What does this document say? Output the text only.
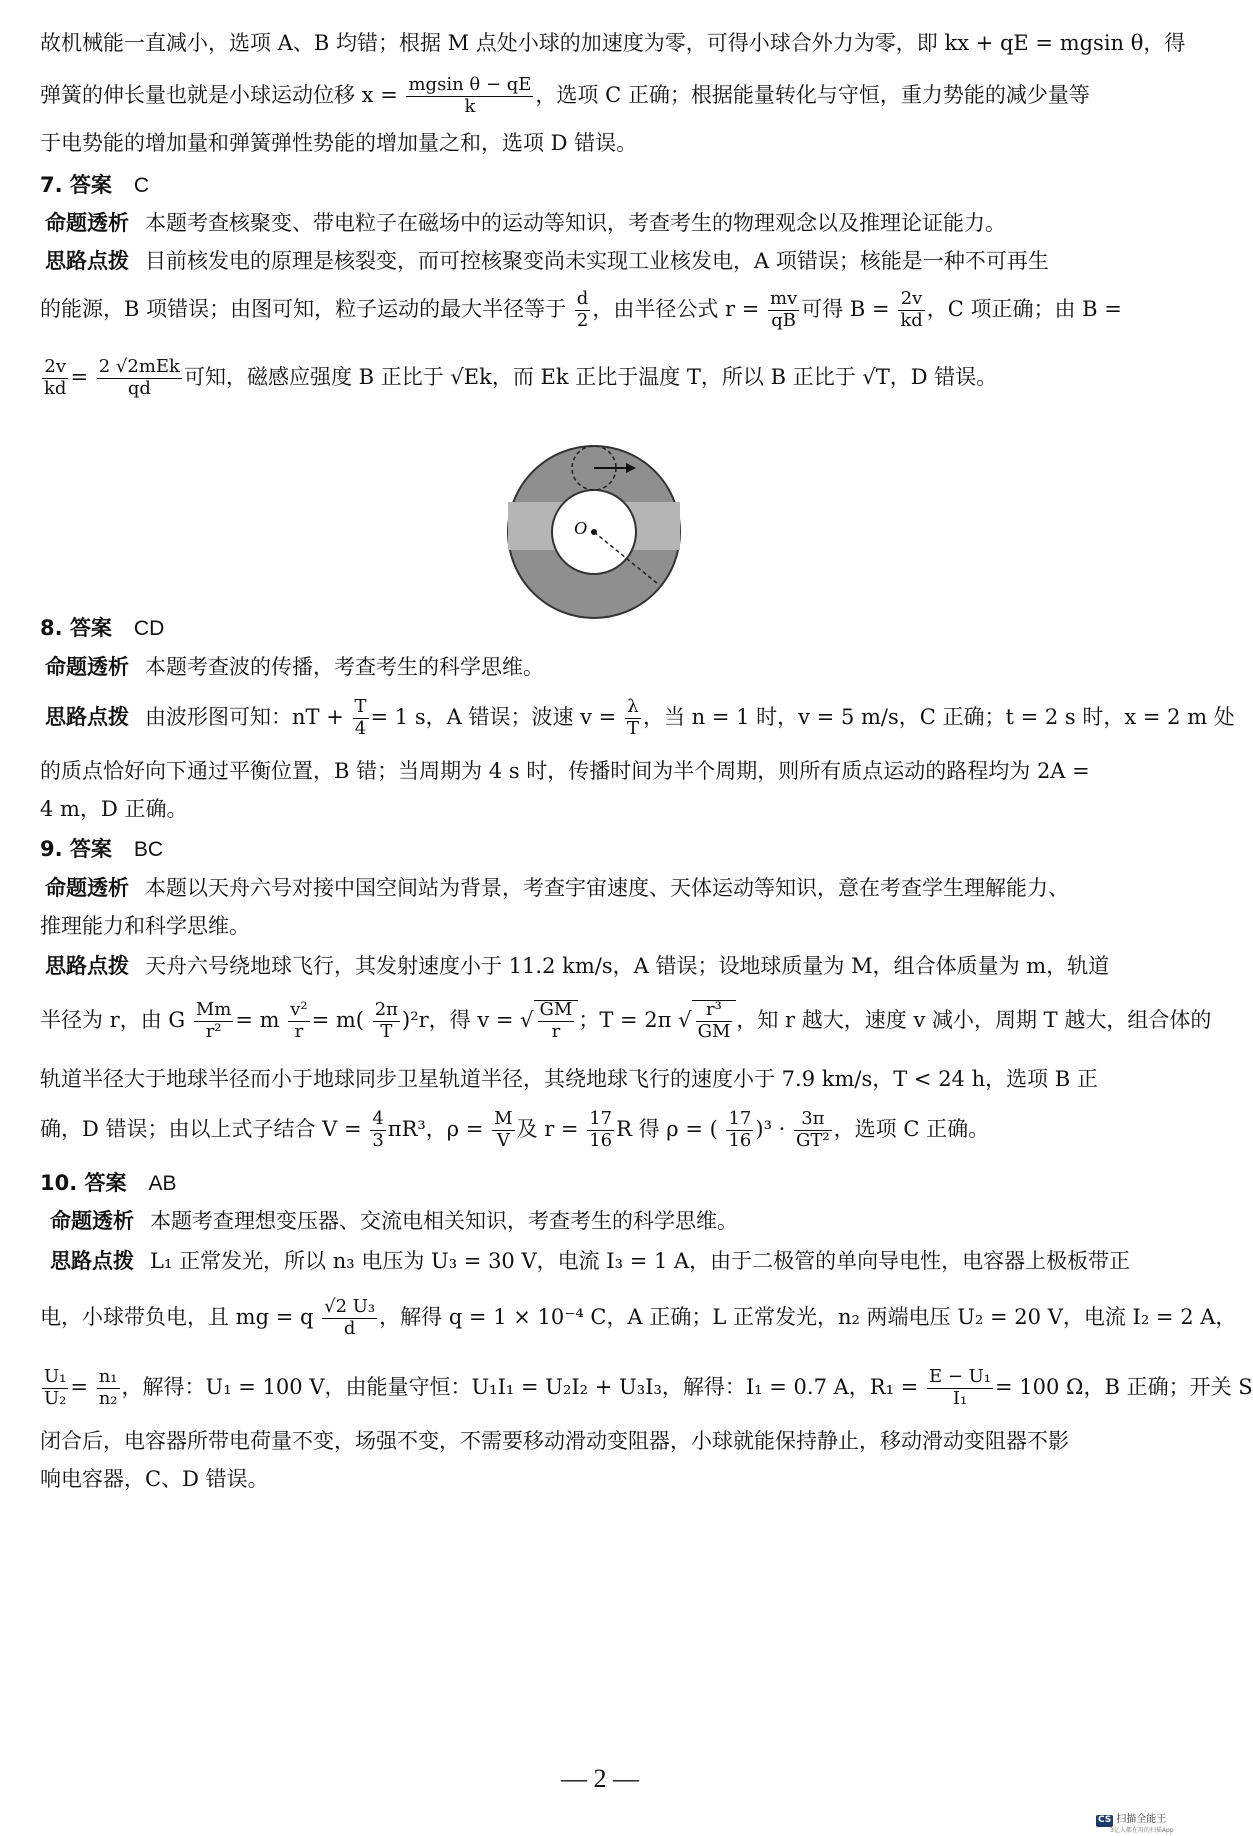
故机械能一直减小，选项 A、B 均错；根据 M 点处小球的加速度为零，可得小球合外力为零，即 kx + qE = mgsin θ，得

弹簧的伸长量也就是小球运动位移 $x = \frac{\text{mgsin θ − qE}}{k}$ ，选项 C 正确；根据能量转化与守恒，重力势能的减少量等

于电势能的增加量和弹簧弹性势能的增加量之和，选项 D 错误。

7. 答案 C

命题透析 本题考查核聚变、带电粒子在磁场中的运动等知识，考查考生的物理观念以及推理论证能力。

思路点拨 目前核发电的原理是核裂变，而可控核聚变尚未实现工业核发电，A 项错误；核能是一种不可再生

的能源，B 项错误；由图可知，粒子运动的最大半径等于 $\frac{d}{2}$ ，由半径公式 $r = \frac{mv}{qB}$ 可得 $B = \frac{2v}{kd}$ ，C 项正确；由 B =

$\frac{2v}{kd} = \frac{\text{2 √2mEk}}{qd}$ 可知，磁感应强度 B 正比于 √Ek，而 Ek 正比于温度 T，所以 B 正比于 √T，D 错误。

O

8. 答案 CD

命题透析 本题考查波的传播，考查考生的科学思维。

思路点拨 由波形图可知：nT + $\frac{T}{4} = 1$ s，A 错误；波速 $v = \frac{\lambda}{T}$ ，当 n = 1 时，v = 5 m/s，C 正确；t = 2 s 时，x = 2 m 处

的质点恰好向下通过平衡位置，B 错；当周期为 4 s 时，传播时间为半个周期，则所有质点运动的路程均为 2A =

4 m，D 正确。

9. 答案 BC

命题透析 本题以天舟六号对接中国空间站为背景，考查宇宙速度、天体运动等知识，意在考查学生理解能力、

推理能力和科学思维。

思路点拨 天舟六号绕地球飞行，其发射速度小于 11.2 km/s，A 错误；设地球质量为 M，组合体质量为 m，轨道

半径为 r，由 G $\frac{Mm}{\text{r²}} = m \frac{\text{v²}}{r} = m( \frac{2\pi}{T} )^2r$，得 v = √ $\frac{GM}{r}$ ；T = 2π √ $\frac{\text{r³}}{GM}$ ，知 r 越大，速度 v 减小，周期 T 越大，组合体的

轨道半径大于地球半径而小于地球同步卫星轨道半径，其绕地球飞行的速度小于 7.9 km/s，T < 24 h，选项 B 正

确，D 错误；由以上式子结合 $V = \frac{4}{3} \pi R^3$，$\rho = \frac{M}{V}$ 及 $r = \frac{17}{16}$ R 得 ρ = ( $\frac{17}{16} )^3 \cdot \frac{3\pi}{\text{GT²}}$ ，选项 C 正确。

10. 答案 AB

命题透析 本题考查理想变压器、交流电相关知识，考查考生的科学思维。

思路点拨 L₁ 正常发光，所以 n₃ 电压为 U₃ = 30 V，电流 I₃ = 1 A，由于二极管的单向导电性，电容器上极板带正

电，小球带负电，且 mg = q $\frac{\text{√2 U₃}}{d}$ ，解得 q = 1 × 10⁻⁴ C，A 正确；L 正常发光，n₂ 两端电压 U₂ = 20 V，电流 I₂ = 2 A，

$\frac{\text{U₁}}{\text{U₂}} = \frac{\text{n₁}}{\text{n₂}}$ ，解得：U₁ = 100 V，由能量守恒：U₁I₁ = U₂I₂ + U₃I₃，解得：I₁ = 0.7 A，$R_1 = \frac{\text{E − U₁}}{\text{I₁}} = 100$ Ω，B 正确；开关 S

闭合后，电容器所带电荷量不变，场强不变，不需要移动滑动变阻器，小球就能保持静止，移动滑动变阻器不影

响电容器，C、D 错误。

— 2 —
CS 扫描全能王
3亿人都在用的扫描App
